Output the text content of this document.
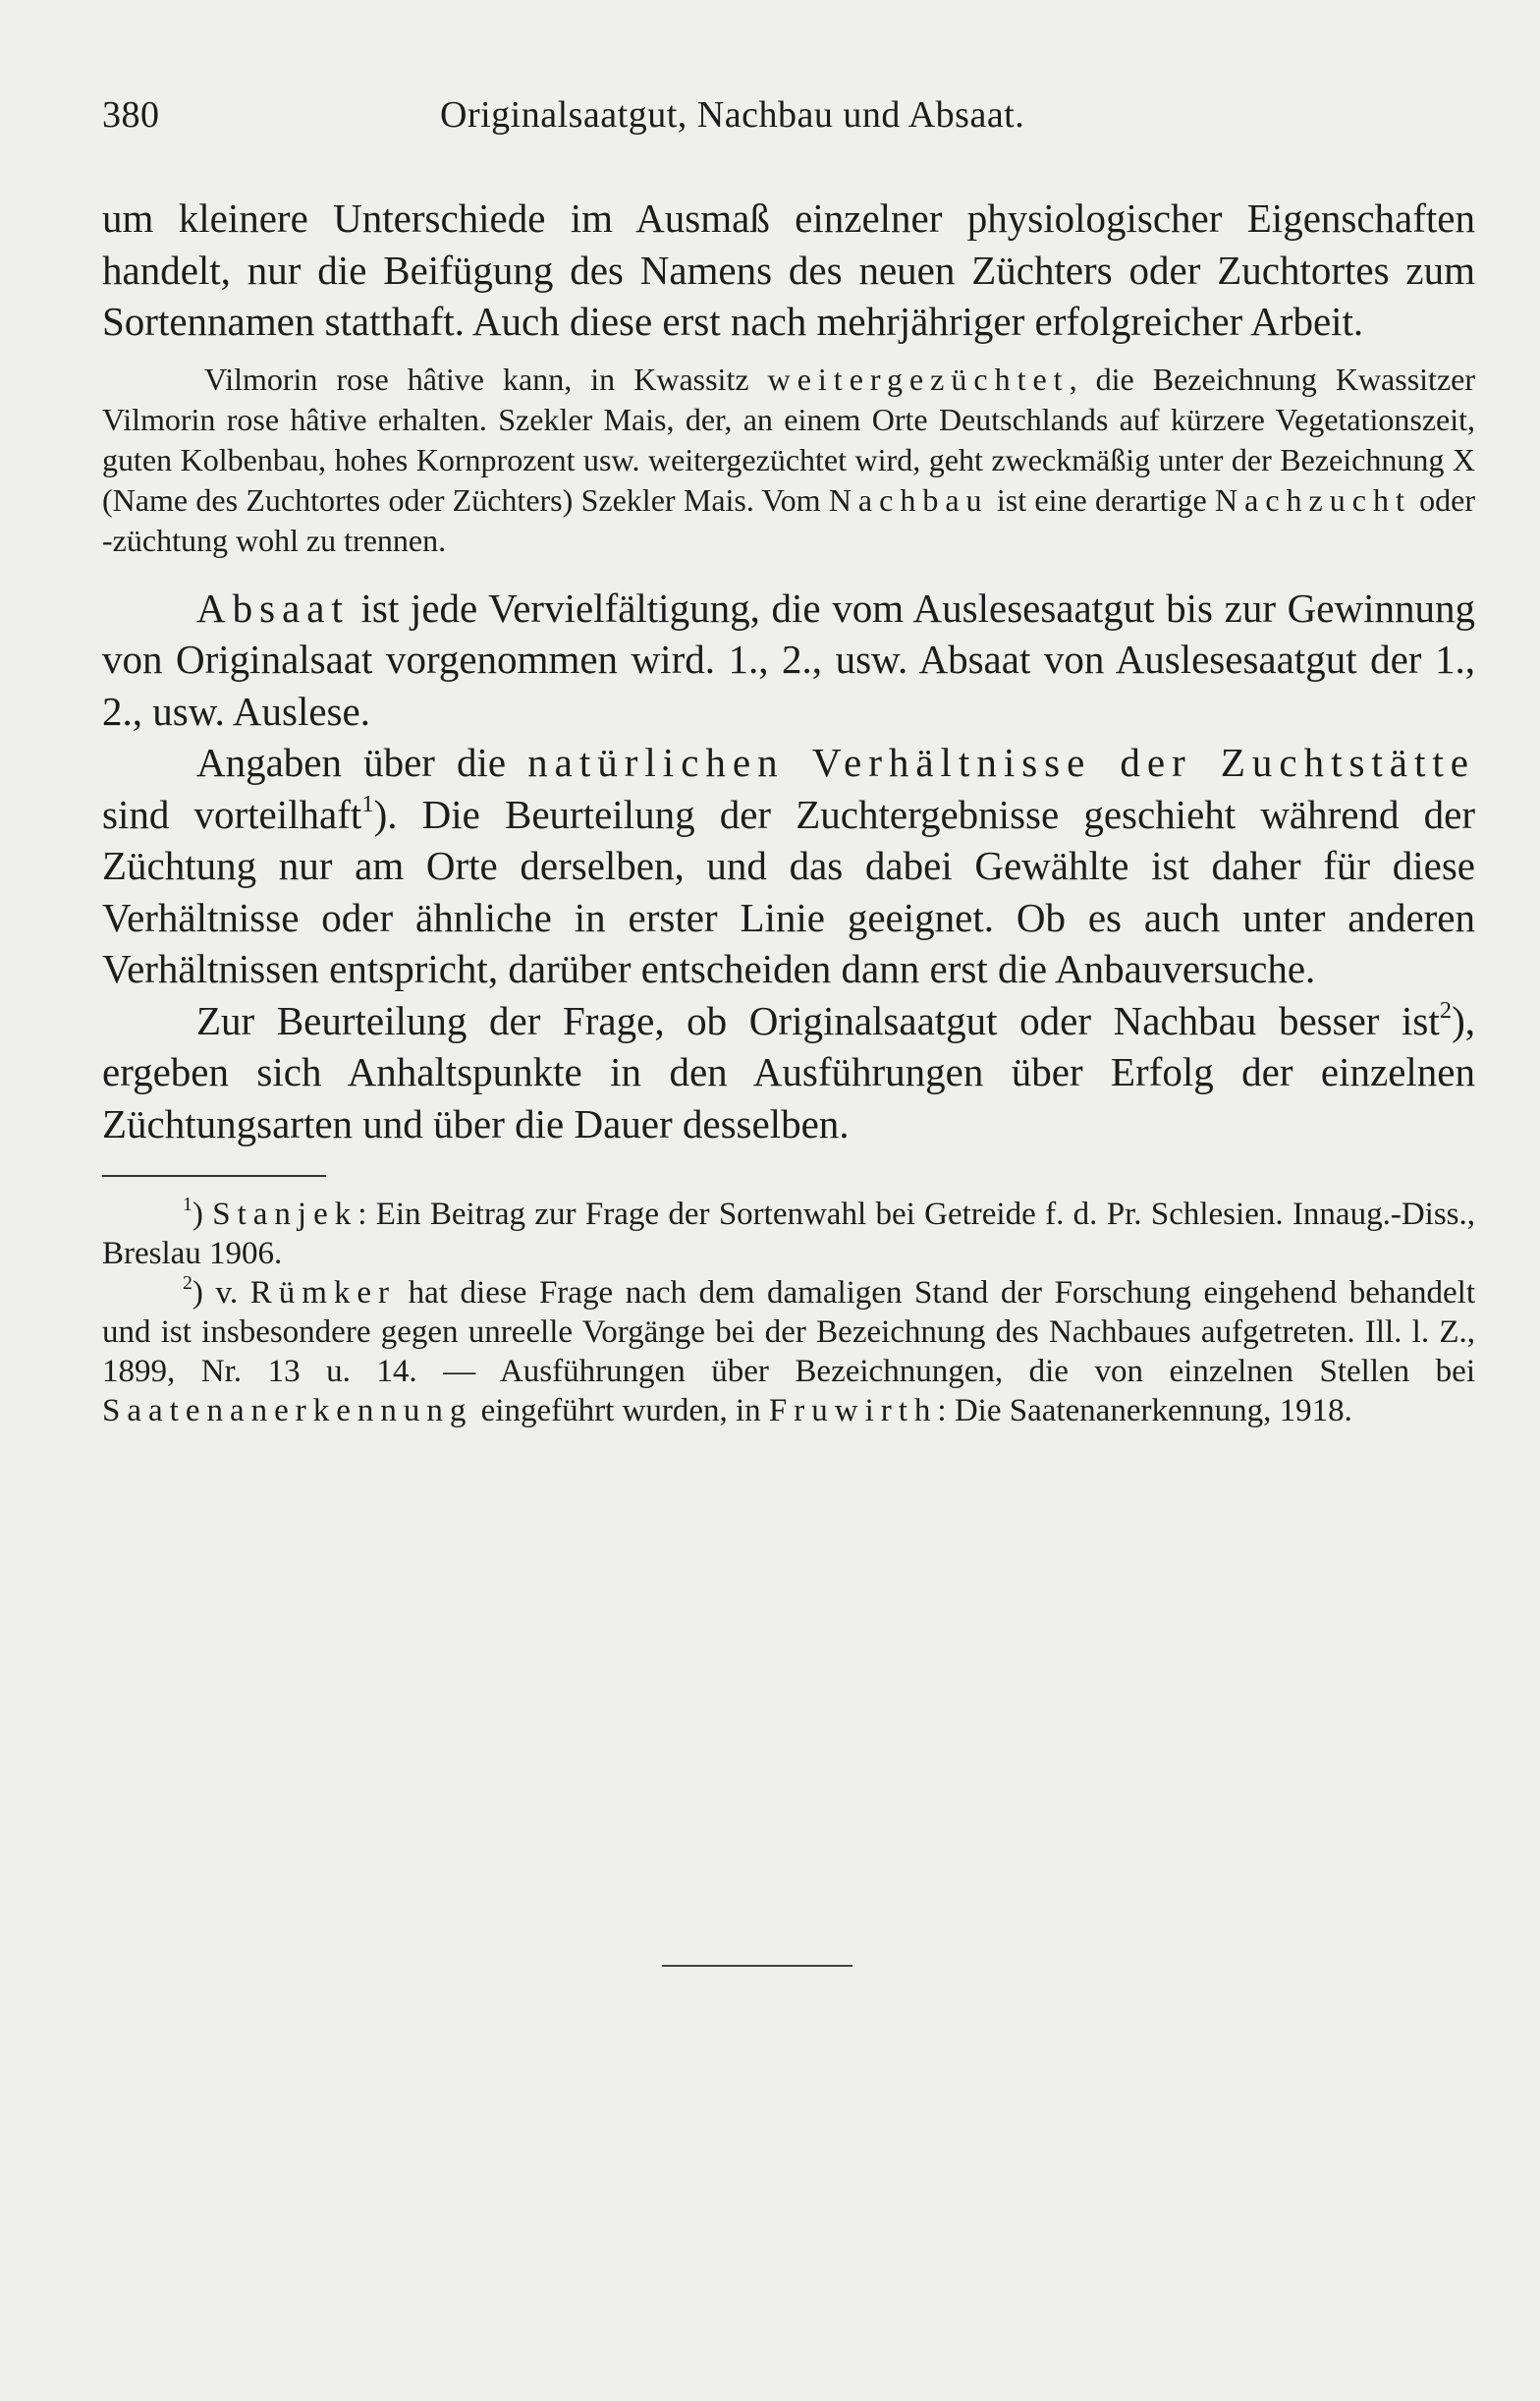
380	Originalsaatgut, Nachbau und Absaat.

um kleinere Unterschiede im Ausmaß einzelner physiologischer Eigenschaften handelt, nur die Beifügung des Namens des neuen Züchters oder Zuchtortes zum Sortennamen statthaft. Auch diese erst nach mehrjähriger erfolgreicher Arbeit.

Vilmorin rose hâtive kann, in Kwassitz weitergezüchtet, die Bezeichnung Kwassitzer Vilmorin rose hâtive erhalten. Szekler Mais, der, an einem Orte Deutschlands auf kürzere Vegetationszeit, guten Kolbenbau, hohes Kornprozent usw. weitergezüchtet wird, geht zweckmäßig unter der Bezeichnung X (Name des Zuchtortes oder Züchters) Szekler Mais. Vom Nachbau ist eine derartige Nachzucht oder -züchtung wohl zu trennen.

Absaat ist jede Vervielfältigung, die vom Auslesesaatgut bis zur Gewinnung von Originalsaat vorgenommen wird. 1., 2., usw. Absaat von Auslesesaatgut der 1., 2., usw. Auslese.

Angaben über die natürlichen Verhältnisse der Zuchtstätte sind vorteilhaft$^1$). Die Beurteilung der Zuchtergebnisse geschieht während der Züchtung nur am Orte derselben, und das dabei Gewählte ist daher für diese Verhältnisse oder ähnliche in erster Linie geeignet. Ob es auch unter anderen Verhältnissen entspricht, darüber entscheiden dann erst die Anbauversuche.

Zur Beurteilung der Frage, ob Originalsaatgut oder Nachbau besser ist$^2$), ergeben sich Anhaltspunkte in den Ausführungen über Erfolg der einzelnen Züchtungsarten und über die Dauer desselben.

$^1$) Stanjek: Ein Beitrag zur Frage der Sortenwahl bei Getreide f. d. Pr. Schlesien. Innaug.-Diss., Breslau 1906.

$^2$) v. Rümker hat diese Frage nach dem damaligen Stand der Forschung eingehend behandelt und ist insbesondere gegen unreelle Vorgänge bei der Bezeichnung des Nachbaues aufgetreten. Ill. l. Z., 1899, Nr. 13 u. 14. — Ausführungen über Bezeichnungen, die von einzelnen Stellen bei Saatenanerkennung eingeführt wurden, in Fruwirth: Die Saatenanerkennung, 1918.
